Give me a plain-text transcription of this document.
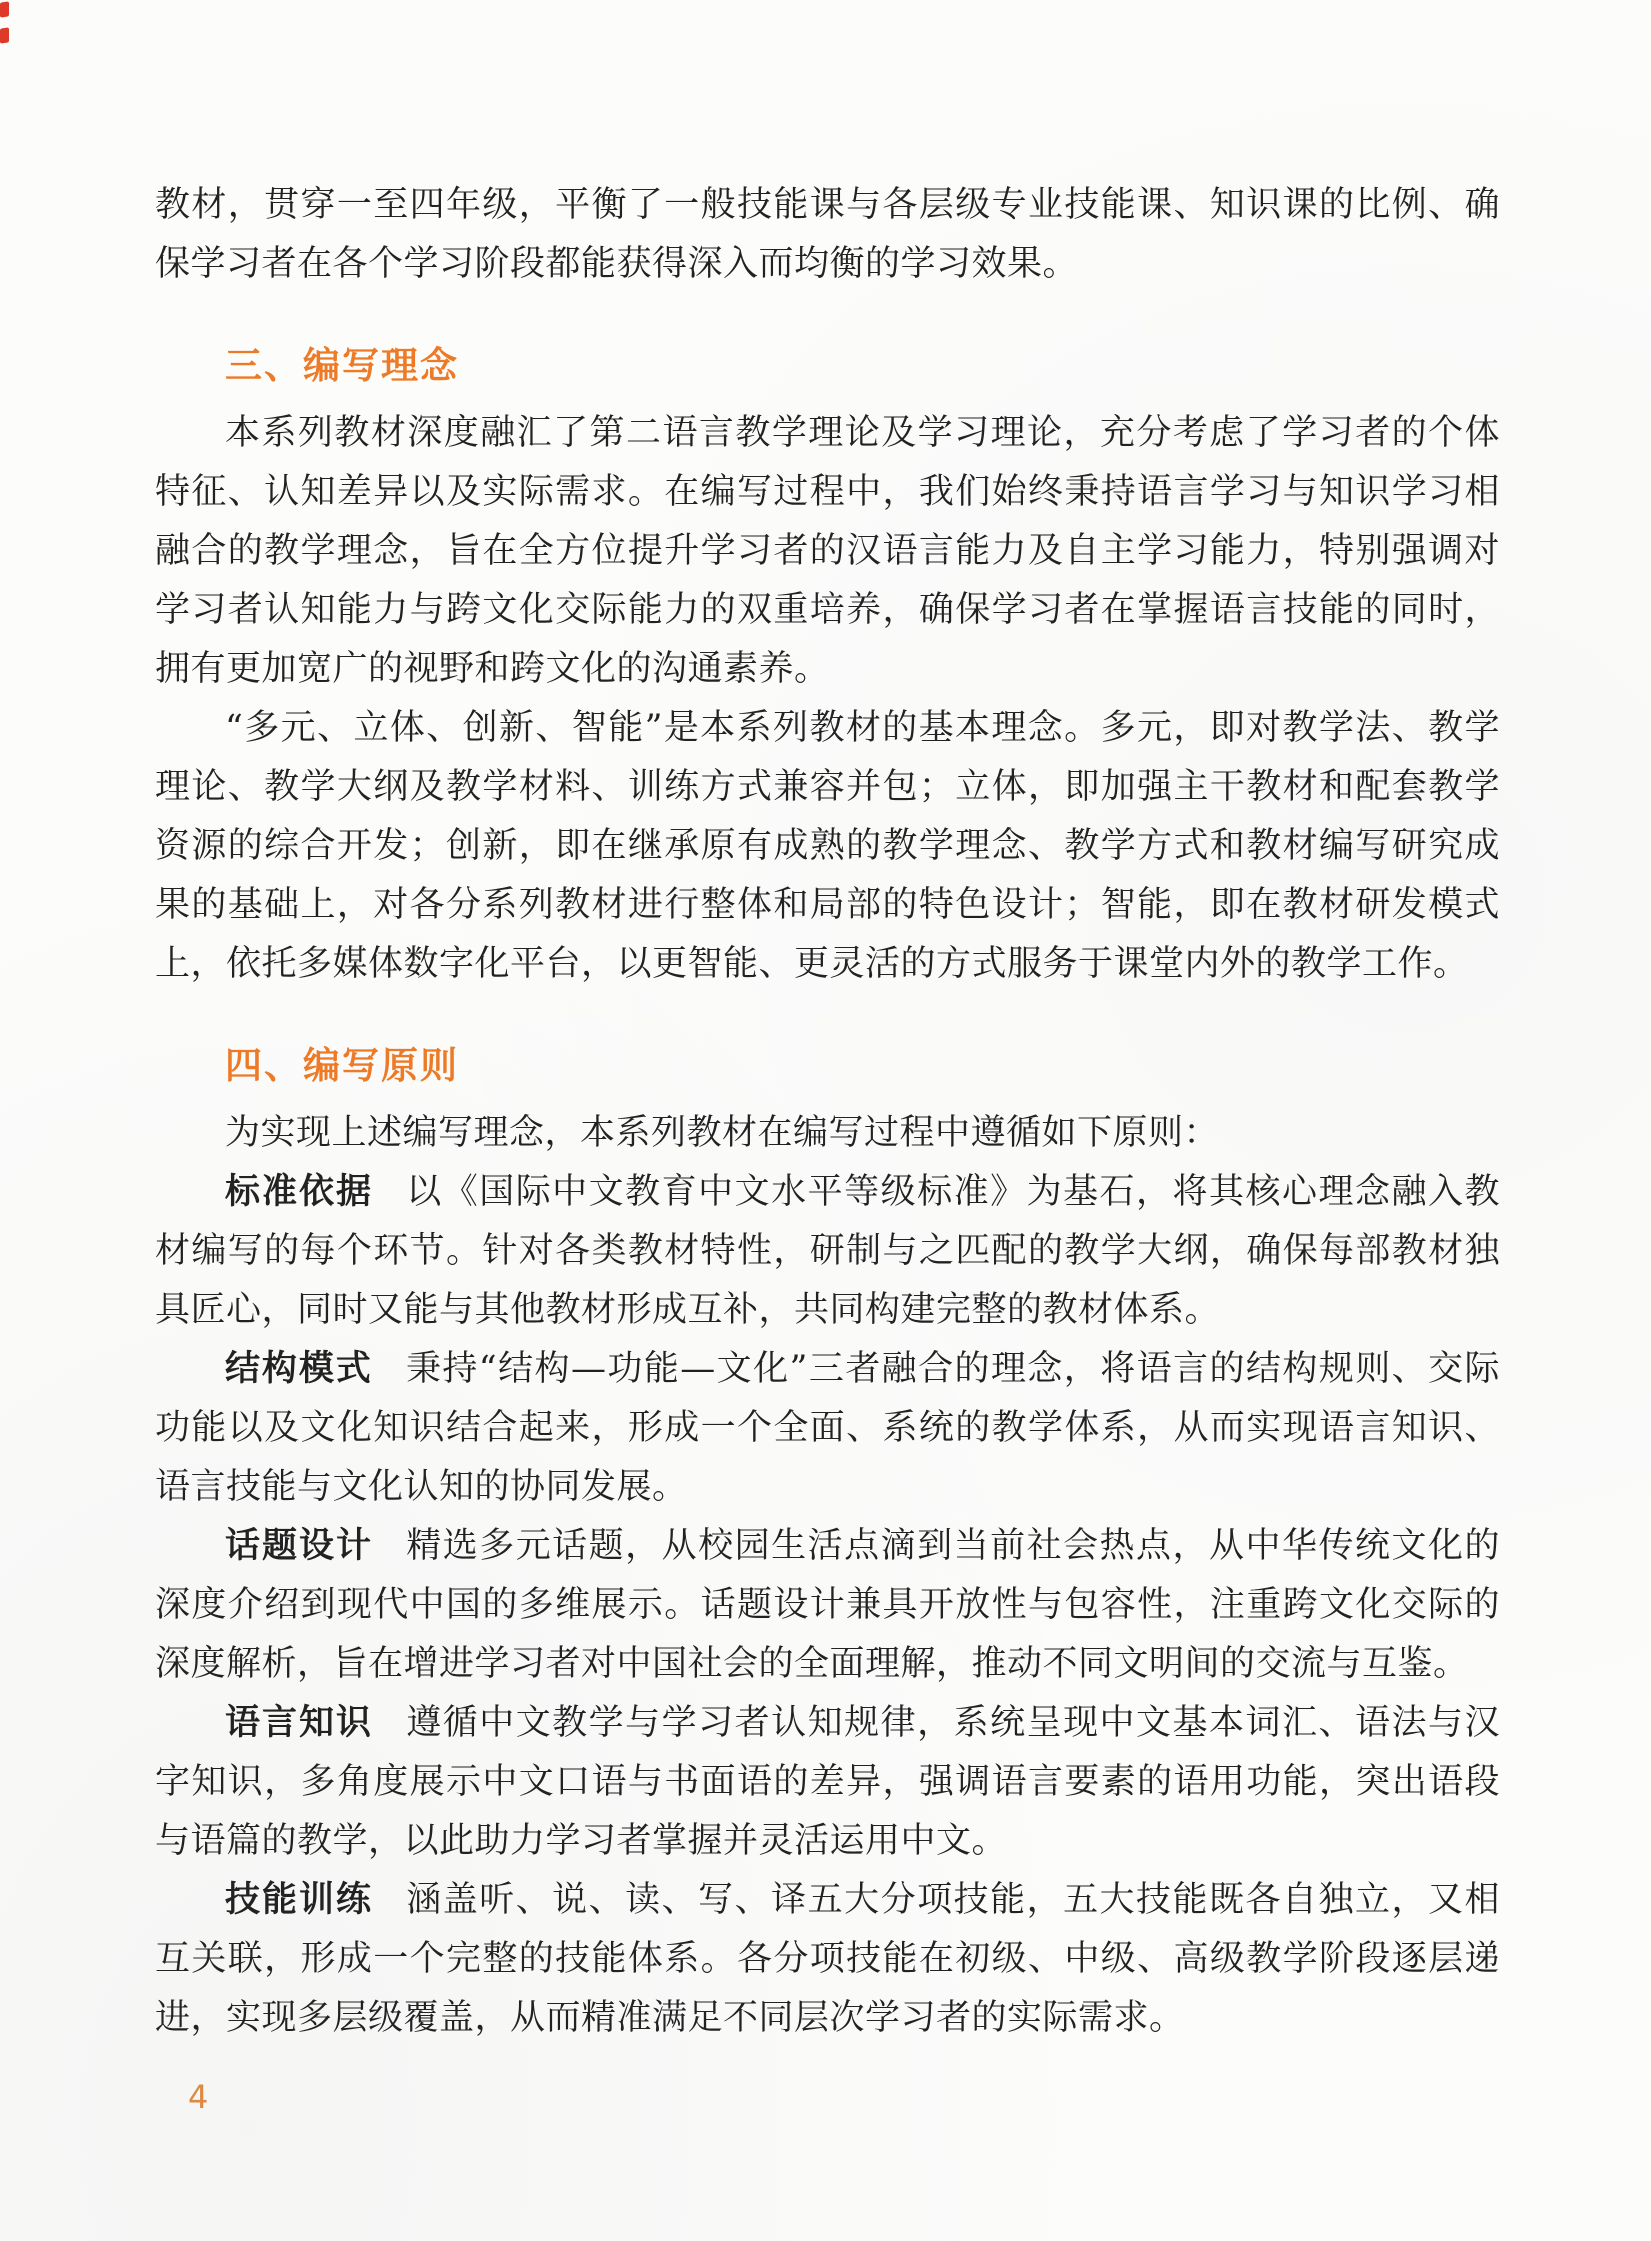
教材，贯穿一至四年级，平衡了一般技能课与各层级专业技能课、知识课的比例、确保学习者在各个学习阶段都能获得深入而均衡的学习效果。

三、编写理念

本系列教材深度融汇了第二语言教学理论及学习理论，充分考虑了学习者的个体特征、认知差异以及实际需求。在编写过程中，我们始终秉持语言学习与知识学习相融合的教学理念，旨在全方位提升学习者的汉语言能力及自主学习能力，特别强调对学习者认知能力与跨文化交际能力的双重培养，确保学习者在掌握语言技能的同时，拥有更加宽广的视野和跨文化的沟通素养。

“多元、立体、创新、智能”是本系列教材的基本理念。多元，即对教学法、教学理论、教学大纲及教学材料、训练方式兼容并包；立体，即加强主干教材和配套教学资源的综合开发；创新，即在继承原有成熟的教学理念、教学方式和教材编写研究成果的基础上，对各分系列教材进行整体和局部的特色设计；智能，即在教材研发模式上，依托多媒体数字化平台，以更智能、更灵活的方式服务于课堂内外的教学工作。

四、编写原则

为实现上述编写理念，本系列教材在编写过程中遵循如下原则：

标准依据 以《国际中文教育中文水平等级标准》为基石，将其核心理念融入教材编写的每个环节。针对各类教材特性，研制与之匹配的教学大纲，确保每部教材独具匠心，同时又能与其他教材形成互补，共同构建完整的教材体系。

结构模式 秉持“结构—功能—文化”三者融合的理念，将语言的结构规则、交际功能以及文化知识结合起来，形成一个全面、系统的教学体系，从而实现语言知识、语言技能与文化认知的协同发展。

话题设计 精选多元话题，从校园生活点滴到当前社会热点，从中华传统文化的深度介绍到现代中国的多维展示。话题设计兼具开放性与包容性，注重跨文化交际的深度解析，旨在增进学习者对中国社会的全面理解，推动不同文明间的交流与互鉴。

语言知识 遵循中文教学与学习者认知规律，系统呈现中文基本词汇、语法与汉字知识，多角度展示中文口语与书面语的差异，强调语言要素的语用功能，突出语段与语篇的教学，以此助力学习者掌握并灵活运用中文。

技能训练 涵盖听、说、读、写、译五大分项技能，五大技能既各自独立，又相互关联，形成一个完整的技能体系。各分项技能在初级、中级、高级教学阶段逐层递进，实现多层级覆盖，从而精准满足不同层次学习者的实际需求。

4
